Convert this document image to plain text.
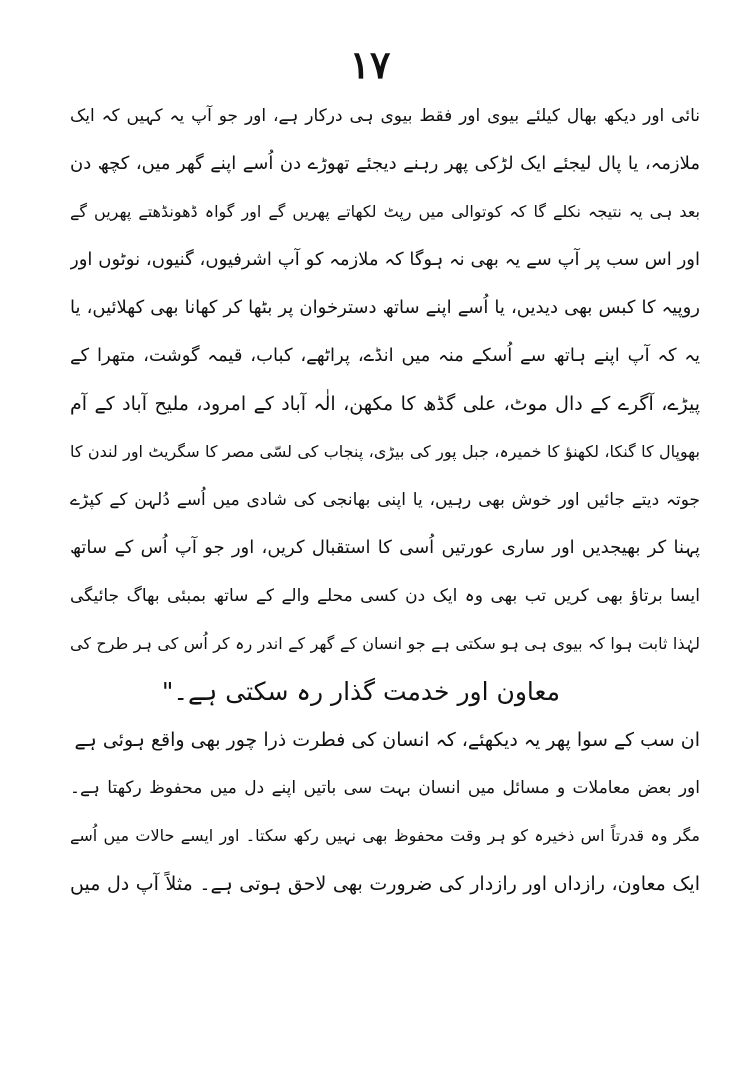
۱۷
نائی اور دیکھ بھال کیلئے بیوی اور فقط بیوی ہی درکار ہے، اور جو آپ یہ کہیں کہ ایک
ملازمہ، یا پال لیجئے ایک لڑکی پھر رہنے دیجئے تھوڑے دن اُسے اپنے گھر میں، کچھ دن
بعد ہی یہ نتیجہ نکلے گا کہ کوتوالی میں رپٹ لکھاتے پھریں گے اور گواہ ڈھونڈھتے پھریں گے
اور اس سب پر آپ سے یہ بھی نہ ہوگا کہ ملازمہ کو آپ اشرفیوں، گنیوں، نوٹوں اور
روپیہ کا کبس بھی دیدیں، یا اُسے اپنے ساتھ دسترخوان پر بٹھا کر کھانا بھی کھلائیں، یا
یہ کہ آپ اپنے ہاتھ سے اُسکے منہ میں انڈے، پراٹھے، کباب، قیمہ گوشت، متھرا کے
پیڑے، آگرے کے دال موٹ، علی گڈھ کا مکھن، الٰہ آباد کے امرود، ملیح آباد کے آم
بھوپال کا گنکا، لکھنؤ کا خمیرہ، جبل پور کی بیڑی، پنجاب کی لسّی مصر کا سگریٹ اور لندن کا
جوتہ دیتے جائیں اور خوش بھی رہیں، یا اپنی بھانجی کی شادی میں اُسے دُلہن کے کپڑے
پہنا کر بھیجدیں اور ساری عورتیں اُسی کا استقبال کریں، اور جو آپ اُس کے ساتھ
ایسا برتاؤ بھی کریں تب بھی وہ ایک دن کسی محلے والے کے ساتھ بمبئی بھاگ جائیگی
لہٰذا ثابت ہوا کہ بیوی ہی ہو سکتی ہے جو انسان کے گھر کے اندر رہ کر اُس کی ہر طرح کی
معاون اور خدمت گذار رہ سکتی ہے۔"
ان سب کے سوا پھر یہ دیکھئے، کہ انسان کی فطرت ذرا چور بھی واقع ہوئی ہے
اور بعض معاملات و مسائل میں انسان بہت سی باتیں اپنے دل میں محفوظ رکھتا ہے۔
مگر وہ قدرتاً اس ذخیرہ کو ہر وقت محفوظ بھی نہیں رکھ سکتا۔ اور ایسے حالات میں اُسے
ایک معاون، رازداں اور رازدار کی ضرورت بھی لاحق ہوتی ہے۔ مثلاً آپ دل میں
